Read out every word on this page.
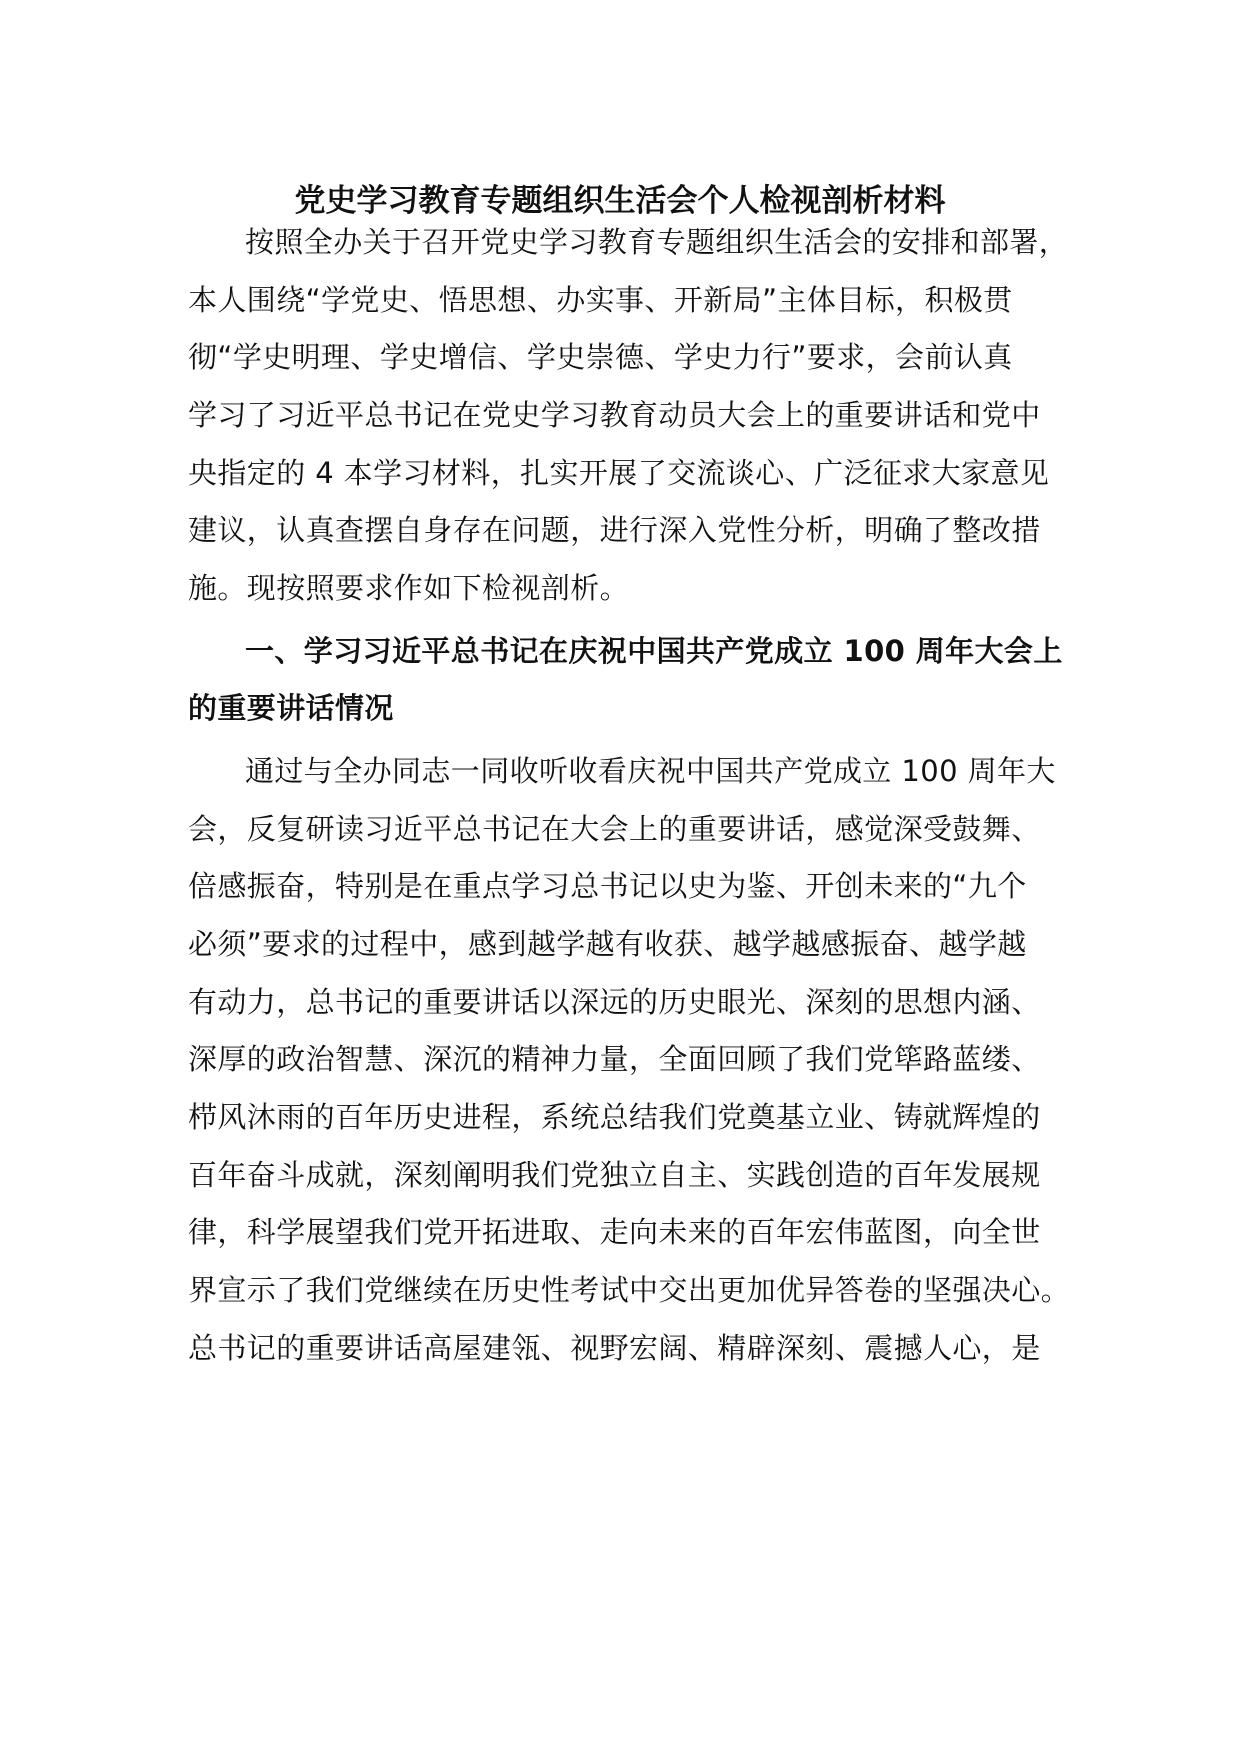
党史学习教育专题组织生活会个人检视剖析材料

按照全办关于召开党史学习教育专题组织生活会的安排和部署，

本人围绕“学党史、悟思想、办实事、开新局”主体目标，积极贯

彻“学史明理、学史增信、学史崇德、学史力行”要求，会前认真

学习了习近平总书记在党史学习教育动员大会上的重要讲话和党中

央指定的 4 本学习材料，扎实开展了交流谈心、广泛征求大家意见

建议，认真查摆自身存在问题，进行深入党性分析，明确了整改措

施。现按照要求作如下检视剖析。

一、学习习近平总书记在庆祝中国共产党成立 100 周年大会上

的重要讲话情况

通过与全办同志一同收听收看庆祝中国共产党成立 100 周年大

会，反复研读习近平总书记在大会上的重要讲话，感觉深受鼓舞、

倍感振奋，特别是在重点学习总书记以史为鉴、开创未来的“九个

必须”要求的过程中，感到越学越有收获、越学越感振奋、越学越

有动力，总书记的重要讲话以深远的历史眼光、深刻的思想内涵、

深厚的政治智慧、深沉的精神力量，全面回顾了我们党筚路蓝缕、

栉风沐雨的百年历史进程，系统总结我们党奠基立业、铸就辉煌的

百年奋斗成就，深刻阐明我们党独立自主、实践创造的百年发展规

律，科学展望我们党开拓进取、走向未来的百年宏伟蓝图，向全世

界宣示了我们党继续在历史性考试中交出更加优异答卷的坚强决心。

总书记的重要讲话高屋建瓴、视野宏阔、精辟深刻、震撼人心，是
